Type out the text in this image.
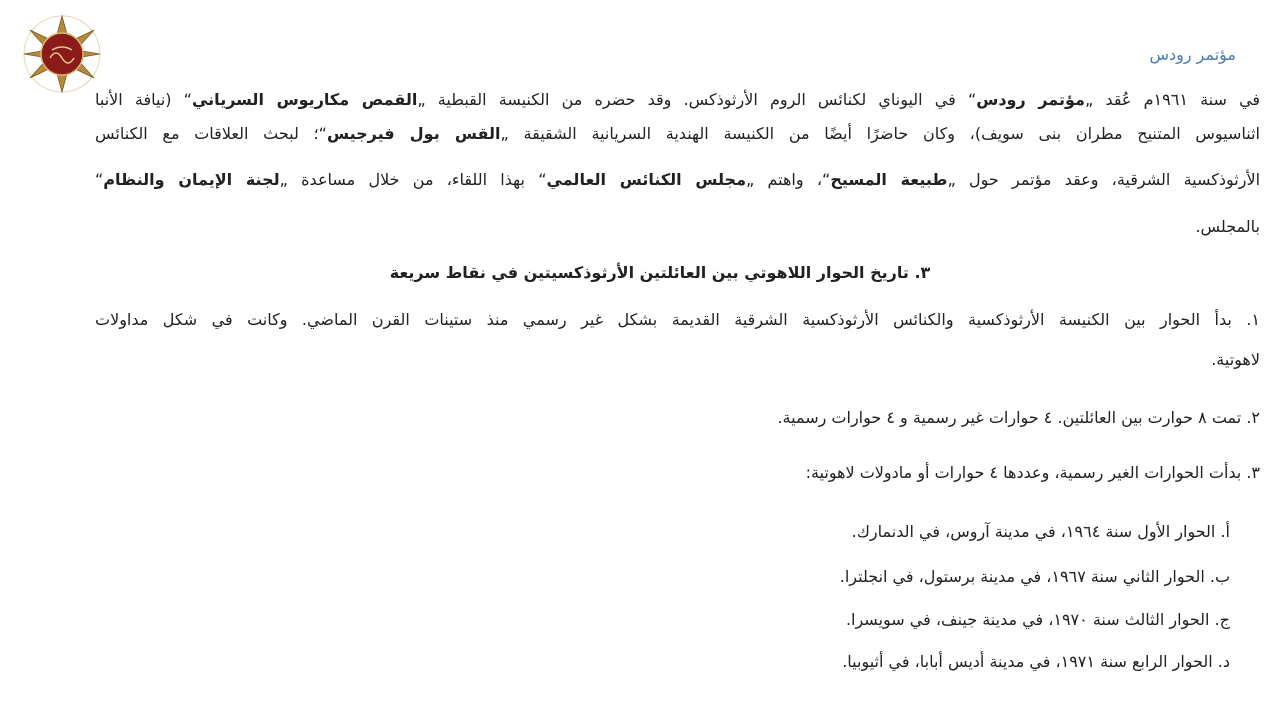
مؤتمر رودس
في سنة ١٩٦١م عُقد „مؤتمر رودس“ في اليوناي لكنائس الروم الأرثوذكس. وقد حضره من الكنيسة القبطية „القمص مكاريوس السرياني“ (نيافة الأنبا
اثناسيوس المتنيح مطران بنى سويف)، وكان حاضرًا أيضًا من الكنيسة الهندية السريانية الشقيقة „القس بول فيرجيس“؛ لبحث العلاقات مع الكنائس
الأرثوذكسية الشرقية، وعقد مؤتمر حول „طبيعة المسيح“، واهتم „مجلس الكنائس العالمي“ بهذا اللقاء، من خلال مساعدة „لجنة الإيمان والنظام“
بالمجلس.
٣. تاريخ الحوار اللاهوتي بين العائلتين الأرثوذكسيتين في نقاط سريعة
١. بدأ الحوار بين الكنيسة الأرثوذكسية والكنائس الأرثوذكسية الشرقية القديمة بشكل غير رسمي منذ ستينات القرن الماضي. وكانت في شكل مداولات
لاهوتية.
٢. تمت ٨ حوارت بين العائلتين. ٤ حوارات غير رسمية و ٤ حوارات رسمية.
٣. بدأت الحوارات الغير رسمية، وعددها ٤ حوارات أو مادولات لاهوتية:
أ. الحوار الأول سنة ١٩٦٤، في مدينة آروس، في الدنمارك.
ب. الحوار الثاني سنة ١٩٦٧، في مدينة برستول، في انجلترا.
ج. الحوار الثالث سنة ١٩٧٠، في مدينة جينف، في سويسرا.
د. الحوار الرابع سنة ١٩٧١، في مدينة أديس أبابا، في أثيوبيا.
